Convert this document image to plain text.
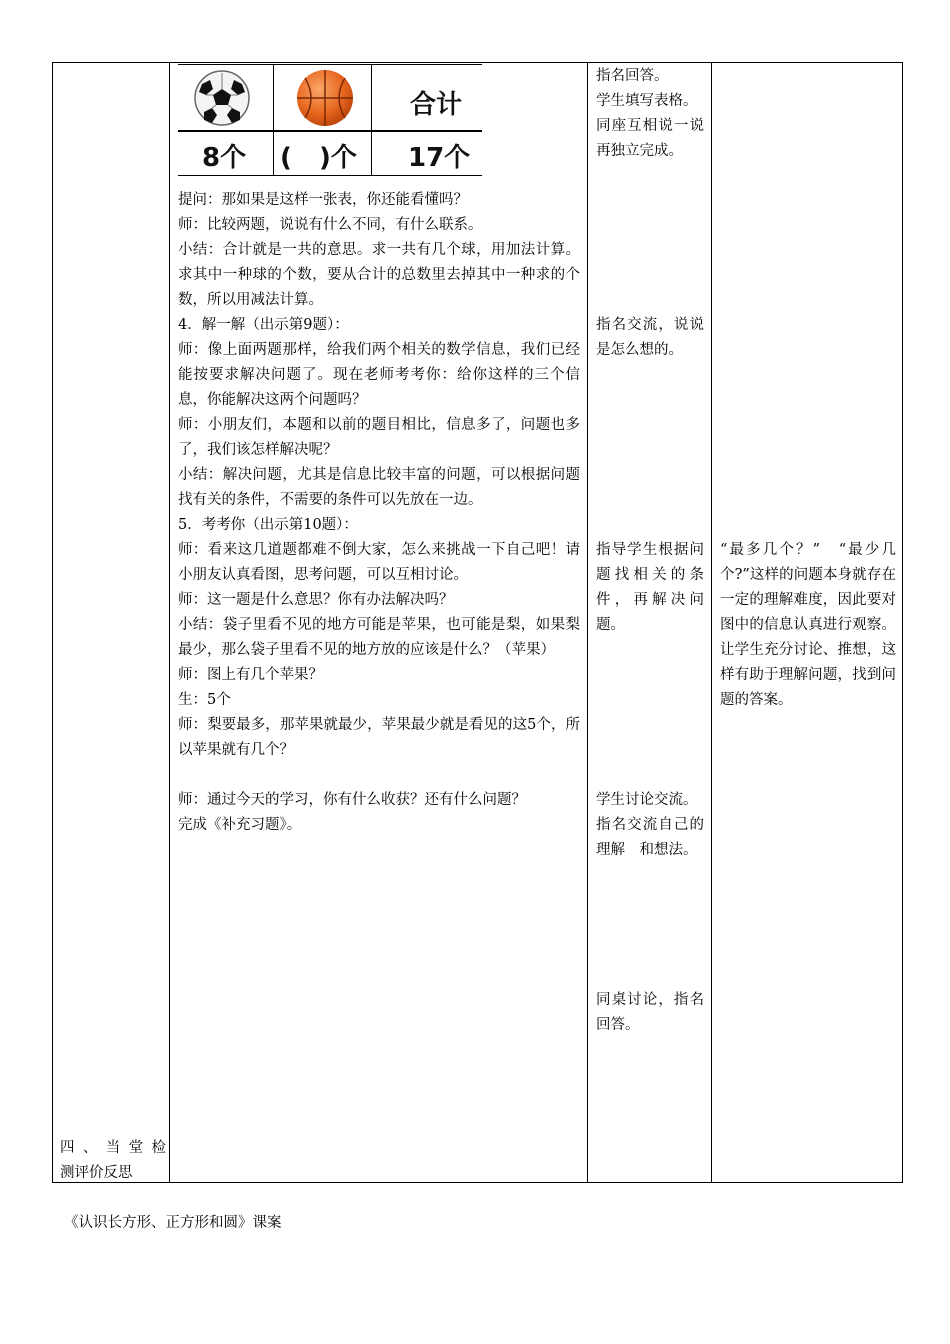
合计
8个 (   )个 17个

提问：那如果是这样一张表，你还能看懂吗？

师：比较两题，说说有什么不同，有什么联系。

小结：合计就是一共的意思。求一共有几个球，用加法计算。求其中一种球的个数，要从合计的总数里去掉其中一种求的个数，所以用减法计算。

4．解一解（出示第9题）：

师：像上面两题那样，给我们两个相关的数学信息，我们已经能按要求解决问题了。现在老师考考你：给你这样的三个信息，你能解决这两个问题吗？

师：小朋友们，本题和以前的题目相比，信息多了，问题也多了，我们该怎样解决呢？

小结：解决问题，尤其是信息比较丰富的问题，可以根据问题找有关的条件，不需要的条件可以先放在一边。

5．考考你（出示第10题）：

师：看来这几道题都难不倒大家，怎么来挑战一下自己吧！请小朋友认真看图，思考问题，可以互相讨论。

师：这一题是什么意思？你有办法解决吗？

小结：袋子里看不见的地方可能是苹果，也可能是梨，如果梨最少，那么袋子里看不见的地方放的应该是什么？（苹果）

师：图上有几个苹果？

生：5个

师：梨要最多，那苹果就最少，苹果最少就是看见的这5个，所以苹果就有几个？

师：通过今天的学习，你有什么收获？还有什么问题？

完成《补充习题》。

指名回答。

学生填写表格。

同座互相说一说再独立完成。

指名交流，说说是怎么想的。

指导学生根据问题找相关的条件，再解决问题。

学生讨论交流。

指名交流自己的理解　和想法。

同桌讨论，指名回答。

“最多几个？”　“最少几个?”这样的问题本身就存在一定的理解难度，因此要对图中的信息认真进行观察。让学生充分讨论、推想，这样有助于理解问题，找到问题的答案。

四、当堂检

测评价反思

《认识长方形、正方形和圆》课案
